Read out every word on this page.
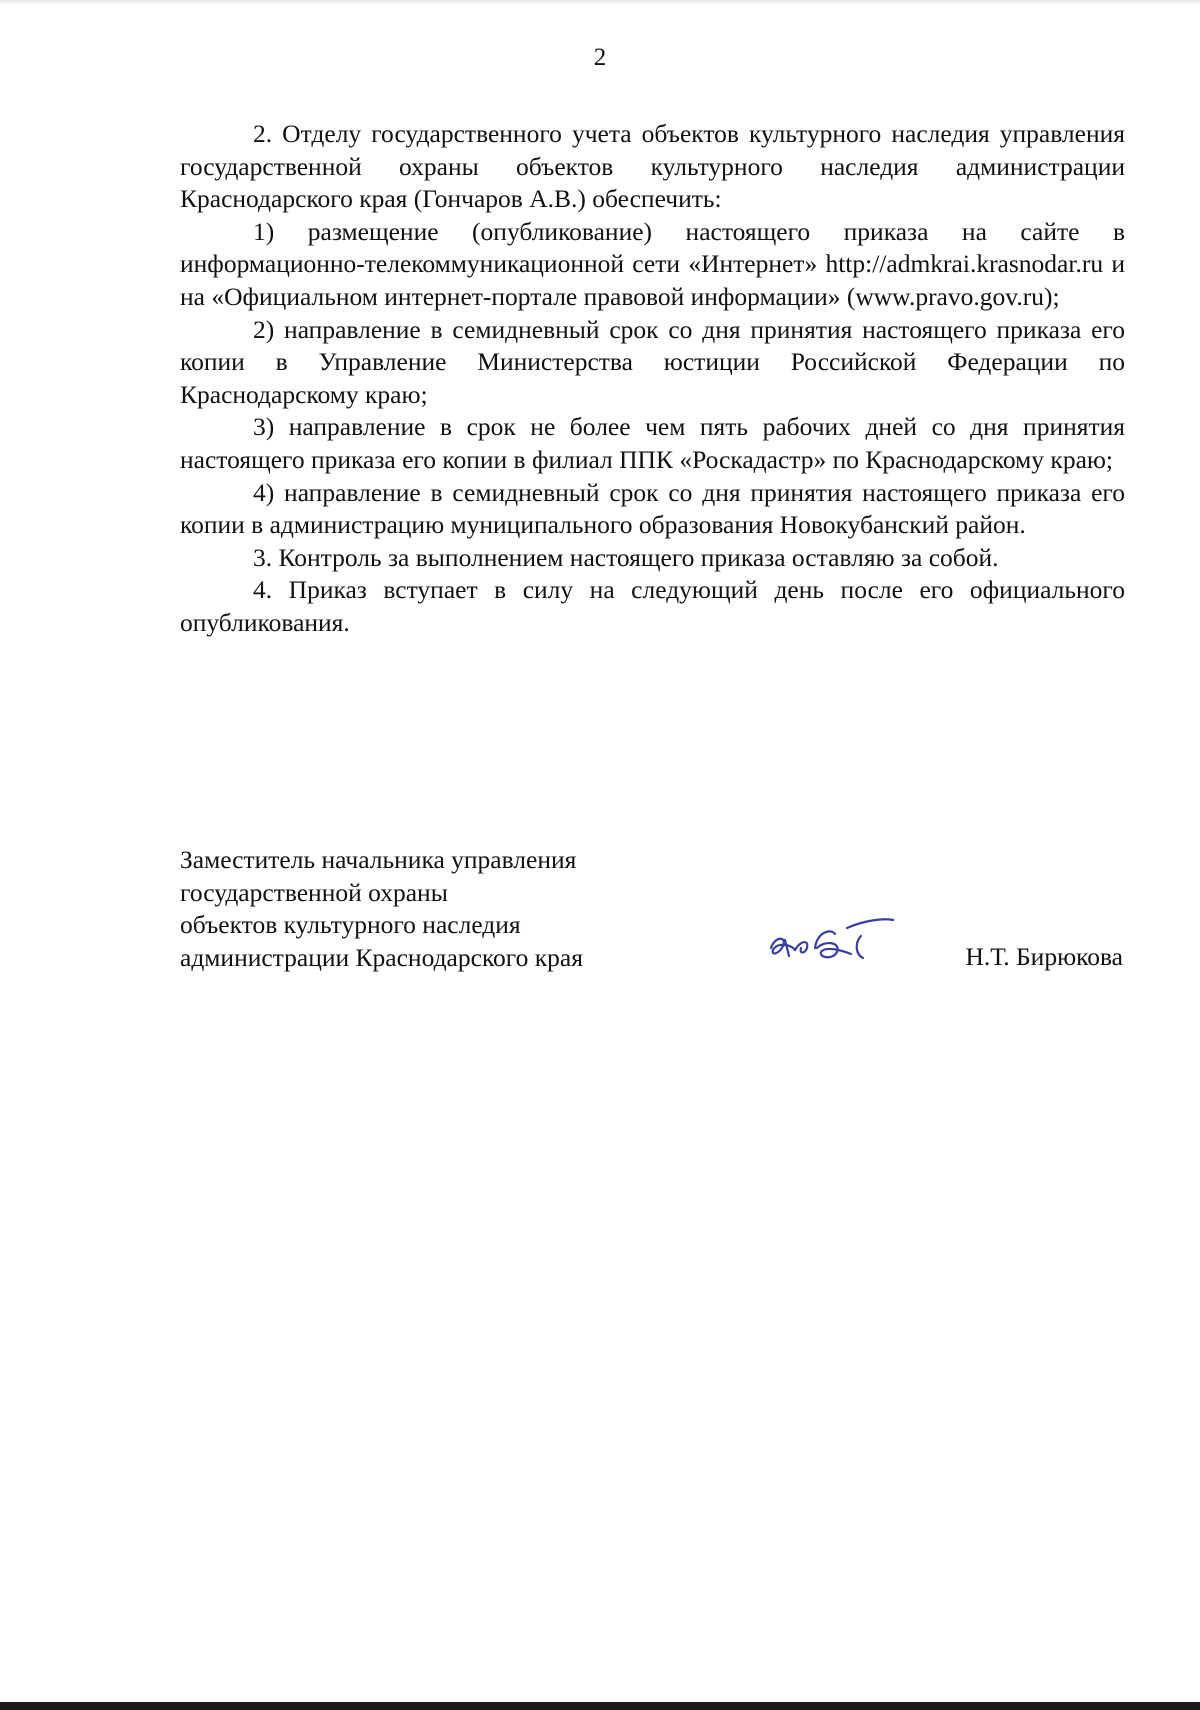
2

2. Отделу государственного учета объектов культурного наследия управления государственной охраны объектов культурного наследия администрации Краснодарского края (Гончаров А.В.) обеспечить:

1) размещение (опубликование) настоящего приказа на сайте в информационно-телекоммуникационной сети «Интернет» http://admkrai.krasnodar.ru и на «Официальном интернет-портале правовой информации» (www.pravo.gov.ru);

2) направление в семидневный срок со дня принятия настоящего приказа его копии в Управление Министерства юстиции Российской Федерации по Краснодарскому краю;

3) направление в срок не более чем пять рабочих дней со дня принятия настоящего приказа его копии в филиал ППК «Роскадастр» по Краснодарскому краю;

4) направление в семидневный срок со дня принятия настоящего приказа его копии в администрацию муниципального образования Новокубанский район.

3. Контроль за выполнением настоящего приказа оставляю за собой.

4. Приказ вступает в силу на следующий день после его официального опубликования.

Заместитель начальника управления
государственной охраны
объектов культурного наследия
администрации Краснодарского края	Н.Т. Бирюкова
